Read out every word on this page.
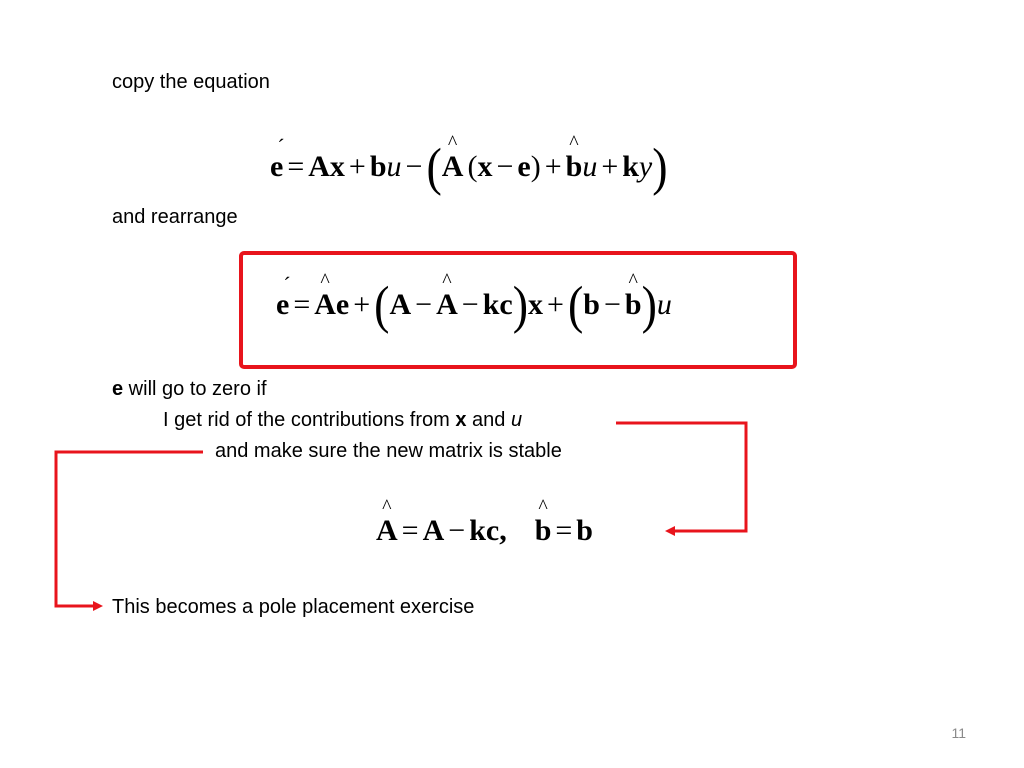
copy the equation
and rearrange
e will go to zero if
I get rid of the contributions from x and u
and make sure the new matrix is stable
This becomes a pole placement exercise
´ e = Ax + bu −(^ A (x − e) + ^ bu + ky)
´ e = ^ Ae +(A − ^ A − kc)x +(b − ^ b)u
^ A = A − kc, ^ b = b
11
